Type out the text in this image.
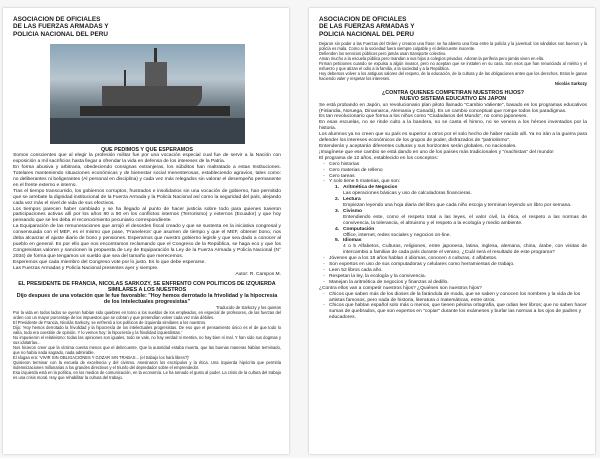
ASOCIACION DE OFICIALES
DE LAS FUERZAS ARMADAS Y
POLICIA NACIONAL DEL PERU
QUE PEDIMOS Y QUE ESPERAMOS

Somos conscientes que al elegir la profesión militar fue por una vocación especial cual fue de servir a la Nación con exposición a mil sacrificios hasta llegar a ofrendar la vida en defensa de los intereses de la Patria.

En forma abusiva y arbitraria, obedeciendo consignas extranjeras, los súbditos han maltratado a estas Instituciones. Tutelares manteniendo situaciones económicas y de bienestar social menesterosas, estableciendo agravios, tales como: no deliberantes ni beligerantes (Al personal en disciplina) y cada vez más relegados sin valorar el desempeño permanente en el frente externo e interno.

Tras el tiempo transcurrido, los gobiernos corruptos, frustrados e insolidarios sin una vocación de gobierno, han permitido que se arrebate la dignidad institucional de la Fuerza Armada y la Policía Nacional así como la seguridad del país, alejando cada vez más el nivel de vida de sus efectivos.

Los tiempos parecen haber cambiado y se ha llegado al punto de hacer justicia sobre todo para quienes tuvieron participaciones activas allí por los años 80 a 90 en los conflictos internos (Terrorismo) y externos (Ecuador) y que hoy pensando que se les deba el reconocimiento pecuniario correspondiente.

La Equiparación de las remuneraciones que arrojó el desorden fiscal creado y que se sustenta en la iniciativa congresal y consensuada con el MEF, es el mismo que pase, ‘Franeleros’ que asumen de tiempo y que el MEF, obtener bono, nos deba alcanzar el ajuste diario de bono y pensiones. Esperamos que nuestro gobierno legisle y que sea dado a conocer al pueblo en general. Es por ello que nos encontramos reclamando que el Congreso de la República, se haga eco y que los Congresistas valoren y sancionen la propuesta de Ley de Equiparación la Ley de la Fuerza Armada y Policía Nacional (N° 2034) de forma que tengamos un sueldo que sea del tamaño que merecemos.

Esperemos que cada miembro del Congreso vote por lo justo. Es lo que debe esperarse.

Las Fuerzas Armadas y Policía Nacional presentes ayer y siempre.

Autor: R. Campos M.
EL PRESIDENTE DE FRANCIA, NICOLAS SARKOZY, SE ENFRENTO CON POLITICOS DE IZQUIERDA SIMILARES A LOS NUESTROS
Dijo despues de una votación que le fue favorable: "Hoy hemos derrotado la frivolidad y la hipocresía de los intelectuales progresistas"
Traducido de Sarkozy y los quietos

Por la vida en todos lados se oyeron habían sido quiebres en torno a los sueldos de los empleados, en especial de profesores, de las fuerzas del orden con un mayor porcentaje de los impuestos que se cobran y que pretendían volver cada vez más débiles.

El Presidente de Francia, Nicolás Sarkozy, se enfrentó a los políticos de izquierda similares a los nuestros.

Dijo: 'Hoy hemos derrotado la frivolidad y la hipocresía de los intelectuales progresistas. De eso que el pensamiento único es el de que todo lo valía, todo era cuestión de opinión. Y lo vemos hoy: la hipocresía y la frivolidad izquierdistas.'

No impusieron el relativismo: todas las opiniones son iguales, todo se vale, no hay verdad ni mentira, no hay bien ni mal. Y han sido sus dogmas y sus idolatrías...

Nos hicieron creer que la víctima cuenta menos que el delincuente. Que la autoridad estaba muerta, que las buenas maneras habían terminado, que no había nada sagrado, nada admirable.

El slogan era: 'VIVIR SIN OBLIGACIONES Y GOZAR SIN TRABAS... (el trabajo los hará libres?)'

Quisieron terminar con la escuela de excelencia y del civismo. Asesinaron los escrúpulos y la ética. Una izquierda hipócrita que permitía indemnizaciones millonarias a los grandes directivos y el triunfo del depredador sobre el emprendedor.

Esa izquierda está en la política, en los medios de comunicación, en la economía. Le ha tomado el gusto al poder. La crisis de la cultura del trabajo es una crisis moral. Hay que rehabilitar la cultura del trabajo.

ASOCIACION DE OFICIALES
DE LAS FUERZAS ARMADAS Y
POLICIA NACIONAL DEL PERU

Dejaron sin poder a las Fuerzas del Orden y crearon una frase: se ha abierto una fosa entre la policía y la juventud: los vándalos son buenos y la policía es mala. Como si la sociedad fuera siempre culpable y el delincuente inocente.

Defienden los servicios públicos pero jamás usan transporte colectivo.

Aman mucho a la escuela pública pero mandan a sus hijos a colegios privados. Adoran la periferia pero jamás viven en ella.

Firman peticiones cuando se expulsa a algún invasor, pero no aceptan que se instalen en su casa. Son esos que han renunciado al mérito y el esfuerzo y que atizan el odio a la familia, a la sociedad y a la República.

Hoy debemos volver a los antiguos valores del respeto, de la educación, de la cultura y de las obligaciones antes que los derechos. Estos le ganan haciendo valer y respetar los intereses.

Nicolás Sarkozy
¿CONTRA QUIENES COMPETIRAN NUESTROS HIJOS?
NUEVO SISTEMA EDUCATIVO EN JAPON

Se está probando en Japón, un revolucionario plan piloto llamado "Cambio Valiente", basado en los programas educativos (Finlandia, Noruega, Dinamarca, Alemania y Canadá). Es un cambio conceptual que rompe todos los paradigmas.

Es tan revolucionario que forma a los niños como "Ciudadanos del Mundo", no como japoneses.

En esas escuelas, no se rinde culto a la bandera, no se canta el himno, no se venera a los héroes inventados por la historia.

Los alumnos ya no creen que su país es superior a otros por el solo hecho de haber nacido allí. Ya no irán a la guerra para defender los intereses económicos de los grupos de poder, disfrazados de "patriotismo".

Entenderán y aceptarán diferentes culturas y sus horizontes serán globales, no nacionales.

¡Imagínese que ese cambio se está dando en uno de los países más tradicionales y "machistas" del mundo!

El programa de 12 años, establecido en los conceptos:

- Cero historias
- Cero materias de relleno
- Cero tareas
- Y solo tiene 5 materias, que son:
1. Aritmética de Negocios

Las operaciones básicas y uso de calculadoras financieras.

2. Lectura

Empiezan leyendo una hoja diaria del libro que cada niño escoja y terminan leyendo un libro por semana.

3. Civismo

Entendiendo este, como el respeto total a las leyes, el valor civil, la ética, el respeto a las normas de convivencia, la tolerancia, el altruismo y el respeto a la ecología y medio ambiente.

4. Computación

Office, internet, redes sociales y negocios on-line.

5. Idiomas

4 o 5 Alfabetos, Culturas, religiones, entre japonesa, latina, inglesa, alemana, china, árabe, con visitas de intercambio a familias de cada país durante el verano, ¿Cuál será el resultado de este programa?

- Jóvenes que a los 18 años hablan 4 idiomas, conocen 4 culturas, 4 alfabetos.
- Son expertos en uso de sus computadoras y celulares como herramientas de trabajo.
- Leen 52 libros cada año.
- Respetan la ley, la ecología y la convivencia.
- Manejan la aritmética de negocios y finanzas al dedillo.

¿Contra ellos van a competir nuestros hijos? ¿Quiénes son nuestros hijos?

- Chicos que saben más de los dioses de la farándula de moda, que se saben y conocen los nombres y la vida de los artistas famosos, pero nada de historia, literatura o matemáticas, entre otros.
- Chicos que hablan español solo más o menos, que tienen pésima ortografía, que odian leer libros; que no saben hacer sumas de quebrados, que son expertos en "copiar" durante los exámenes y burlar las normas a los ojos de padres y educadores.
